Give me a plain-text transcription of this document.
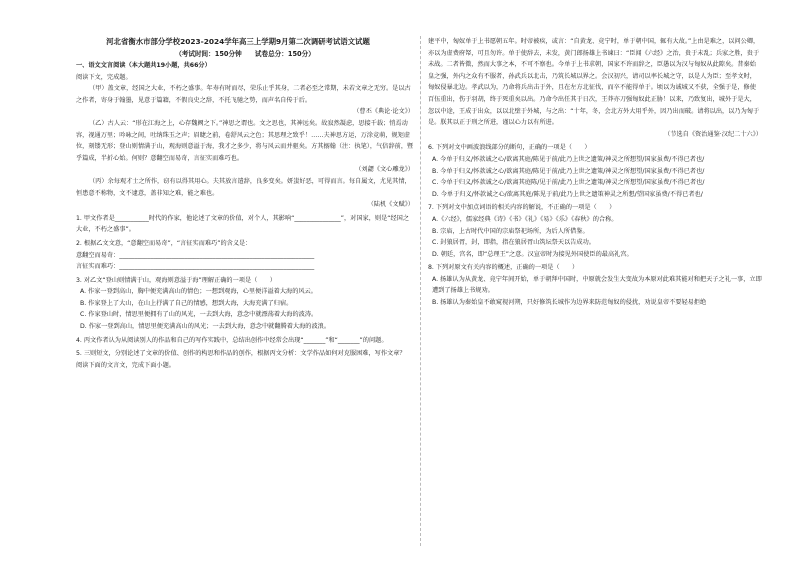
河北省衡水市部分学校2023-2024学年高三上学期9月第二次调研考试语文试题

（考试时间：150分钟　　试卷总分：150分）

一、语文文言阅读（本大题共19小题，共66分）

阅读下文，完成题。

（甲）盖文章，经国之大业，不朽之盛事。年寿有时而尽，荣乐止乎其身，二者必至之常期，未若文章之无穷。是以古之作者，寄身于翰墨，见意于篇籍，不假良史之辞，不托飞驰之势，而声名自传于后。

（曹丕《典论·论文》）

（乙）古人云：“形在江海之上，心存魏阙之下。”神思之谓也。文之思也，其神远矣。故寂然凝虑，思接千载；悄焉动容，视通万里；吟咏之间，吐纳珠玉之声；眉睫之前，卷舒风云之色；其思理之致乎！……夫神思方运，万涂竞萌，规矩虚位，刻镂无形；登山则情满于山，观海则意溢于海，我才之多少，将与风云而并驱矣。方其搦翰（注：执笔），气倍辞前，暨乎篇成，半折心始。何则？意翻空而易奇，言征实而难巧也。

（刘勰《文心雕龙》）

（丙）余每观才士之所作，窃有以得其用心。夫其放言遣辞，良多变矣。妍蚩好恶，可得而言。每自属文，尤见其情，恒患意不称物，文不逮意，盖非知之难，能之难也。

（陆机《文赋》）

1. 甲文作者是___________时代的作家，他论述了文章的价值，对个人，其影响“_______________”，对国家，则是“经国之大业，不朽之盛事”。

2. 根据乙文文意，“意翻空而易奇”，“言征实而难巧”的含义是：

意翻空而易奇：_______________________________________________________________

言征实而难巧：_______________________________________________________________

3. 对乙文“登山则情满于山，观海则意溢于海”理解正确的一项是（　　）

A. 作家一登到高山，胸中便充满高山的情色；一想到观海，心里便洋溢着大海的风云。

B. 作家登上了大山，在山上抒满了自己的情感，想到大海，大海充满了归宿。

C. 作家登山时，情思里便拥有了山的风光，一去到大海，意念中就漂荡着大海的波涛。

D. 作家一登到高山，情思里便充满高山的风光；一去到大海，意念中就翻腾着大海的波浪。

4. 丙文作者认为从阅读别人的作品和自己的写作实践中，总结出创作中经常会出现“_______”和“_______”的问题。

5. 三则短文，分别论述了文章的价值、创作的构思和作品的创作，根据丙文分析：文学作品如何对克服困难，写作文章？

阅读下面的文言文，完成下面小题。

建平中，匈奴单于上书愿朝五年。时帝被疾，或言：“自黄龙、竟宁时，单于朝中国，辄有大故。”上由是难之，以问公卿，亦以为虚费府帑，可且勿许。单于使辞去，未发，黄门郎扬雄上书谏曰：“臣闻《六经》之治，贵于未乱；兵家之胜，贵于未战。二者皆微，然而大事之本，不可不察也。今单于上书求朝，国家不许而辞之，臣愚以为汉与匈奴从此隙矣。昔秦始皇之强，外内之众有不服者，孙武兵以北击，乃筑长城以界之。会汉初兴，请司以率长城之守，以是人为臣；至孝文时，匈奴侵暴北边。孝武以为，乃命将兵出击于外，且在左方北征伐，而卒不能得单于。顷以为诚城又不获，全强于是，修使百伍重出，伤于羽胡，终于死重矣以出。乃命令出任其于日次，王莽亦刀强匈奴此正胁！以来，乃致复出，城外于是大，忽以中途，王成于出众，以以北壁于外城，与之出：“十年，冬，会北方外大用乎外，因乃出而破。请将以出，以乃为匈于是。朕其以正于刑之所进，谨以心力以有所进。

（节选自《资治通鉴·汉纪二十六》）

6. 下列对文中画波浪线部分的断句，正确的一项是（　　）

A. 今单于归义/怀款诚之心/欲离其庭/陈见于前/此乃上世之遗策/神灵之所想望/国家虽费/不得已者也/

B. 今单于归义/怀款诚之心/欲离其庭/陈见于前/此乃上世之遗策/神灵之所想望/国家虽费/不得已者也/

C. 今单于归义/怀款诚之心/欲离其庭陈/见于前/此乃上世之遗策/神灵之所想望/国家虽费/不得已者也/

D. 今单于归义/怀款诚之心/欲离其庭/陈见于前/此乃上世之遗策神灵之所想/望国家虽费/不得已者也/

7. 下列对文中加点词语的相关内容的解说，不正确的一项是（　　）

A.《六经》，儒家经典《诗》《书》《礼》《易》《乐》《春秋》的合称。

B. 宗庙，上古时代中国的宗庙祭祀场所，为后人所借鉴。

C. 封狼居胥，封，即指，指在狼居胥山筑坛祭天以告成功。

D. 朝廷，宫名，即“总理王”之意。汉宣帝时为接见外国使臣的最高礼宫。

8. 下列对原文有关内容的概述，正确的一项是（　　）

A. 扬雄认为从黄龙、竟宁年间开始，单于朝拜中国时，中原就会发生大变故为本原对此难其能对和把天子之礼一事，立即遭到了扬雄上书规劝。

B. 扬雄认为秦始皇不敢窥视河朔，只好修筑长城作为边界来防范匈奴的侵扰，劝说皇帝不要轻易拒绝
